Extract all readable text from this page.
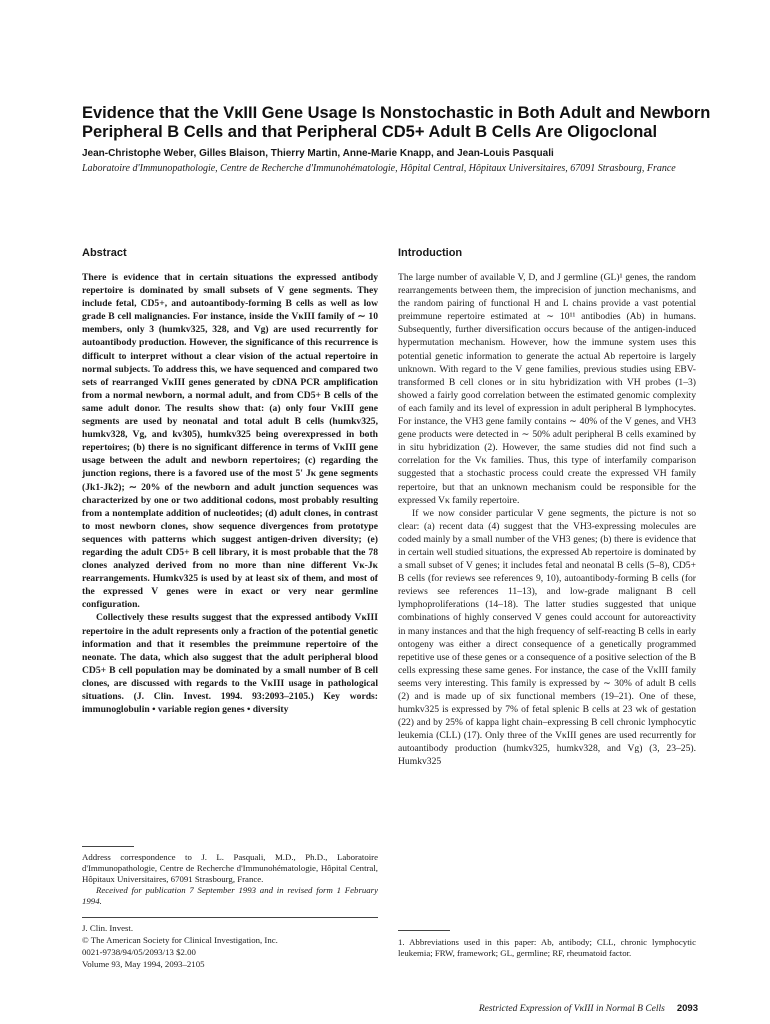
Evidence that the VκIII Gene Usage Is Nonstochastic in Both Adult and Newborn Peripheral B Cells and that Peripheral CD5+ Adult B Cells Are Oligoclonal
Jean-Christophe Weber, Gilles Blaison, Thierry Martin, Anne-Marie Knapp, and Jean-Louis Pasquali
Laboratoire d'Immunopathologie, Centre de Recherche d'Immunohématologie, Hôpital Central, Hôpitaux Universitaires, 67091 Strasbourg, France
Abstract

There is evidence that in certain situations the expressed antibody repertoire is dominated by small subsets of V gene segments. They include fetal, CD5+, and autoantibody-forming B cells as well as low grade B cell malignancies. For instance, inside the VκIII family of ∼ 10 members, only 3 (humkv325, 328, and Vg) are used recurrently for autoantibody production. However, the significance of this recurrence is difficult to interpret without a clear vision of the actual repertoire in normal subjects. To address this, we have sequenced and compared two sets of rearranged VκIII genes generated by cDNA PCR amplification from a normal newborn, a normal adult, and from CD5+ B cells of the same adult donor. The results show that: (a) only four VκIII gene segments are used by neonatal and total adult B cells (humkv325, humkv328, Vg, and kv305), humkv325 being overexpressed in both repertoires; (b) there is no significant difference in terms of VκIII gene usage between the adult and newborn repertoires; (c) regarding the junction regions, there is a favored use of the most 5' Jκ gene segments (Jk1-Jk2); ∼ 20% of the newborn and adult junction sequences was characterized by one or two additional codons, most probably resulting from a nontemplate addition of nucleotides; (d) adult clones, in contrast to most newborn clones, show sequence divergences from prototype sequences with patterns which suggest antigen-driven diversity; (e) regarding the adult CD5+ B cell library, it is most probable that the 78 clones analyzed derived from no more than nine different Vκ-Jκ rearrangements. Humkv325 is used by at least six of them, and most of the expressed V genes were in exact or very near germline configuration.

Collectively these results suggest that the expressed antibody VκIII repertoire in the adult represents only a fraction of the potential genetic information and that it resembles the preimmune repertoire of the neonate. The data, which also suggest that the adult peripheral blood CD5+ B cell population may be dominated by a small number of B cell clones, are discussed with regards to the VκIII usage in pathological situations. (J. Clin. Invest. 1994. 93:2093–2105.) Key words: immunoglobulin • variable region genes • diversity

Address correspondence to J. L. Pasquali, M.D., Ph.D., Laboratoire d'Immunopathologie, Centre de Recherche d'Immunohématologie, Hôpital Central, Hôpitaux Universitaires, 67091 Strasbourg, France.
Received for publication 7 September 1993 and in revised form 1 February 1994.
J. Clin. Invest.
© The American Society for Clinical Investigation, Inc.
0021-9738/94/05/2093/13 $2.00
Volume 93, May 1994, 2093–2105
Introduction

The large number of available V, D, and J germline (GL)¹ genes, the random rearrangements between them, the imprecision of junction mechanisms, and the random pairing of functional H and L chains provide a vast potential preimmune repertoire estimated at ∼ 10¹¹ antibodies (Ab) in humans. Subsequently, further diversification occurs because of the antigen-induced hypermutation mechanism. However, how the immune system uses this potential genetic information to generate the actual Ab repertoire is largely unknown. With regard to the V gene families, previous studies using EBV-transformed B cell clones or in situ hybridization with VH probes (1–3) showed a fairly good correlation between the estimated genomic complexity of each family and its level of expression in adult peripheral B lymphocytes. For instance, the VH3 gene family contains ∼ 40% of the V genes, and VH3 gene products were detected in ∼ 50% adult peripheral B cells examined by in situ hybridization (2). However, the same studies did not find such a correlation for the Vκ families. Thus, this type of interfamily comparison suggested that a stochastic process could create the expressed VH family repertoire, but that an unknown mechanism could be responsible for the expressed Vκ family repertoire.

If we now consider particular V gene segments, the picture is not so clear: (a) recent data (4) suggest that the VH3-expressing molecules are coded mainly by a small number of the VH3 genes; (b) there is evidence that in certain well studied situations, the expressed Ab repertoire is dominated by a small subset of V genes; it includes fetal and neonatal B cells (5–8), CD5+ B cells (for reviews see references 9, 10), autoantibody-forming B cells (for reviews see references 11–13), and low-grade malignant B cell lymphoproliferations (14–18). The latter studies suggested that unique combinations of highly conserved V genes could account for autoreactivity in many instances and that the high frequency of self-reacting B cells in early ontogeny was either a direct consequence of a genetically programmed repetitive use of these genes or a consequence of a positive selection of the B cells expressing these same genes. For instance, the case of the VκIII family seems very interesting. This family is expressed by ∼ 30% of adult B cells (2) and is made up of six functional members (19–21). One of these, humkv325 is expressed by 7% of fetal splenic B cells at 23 wk of gestation (22) and by 25% of kappa light chain–expressing B cell chronic lymphocytic leukemia (CLL) (17). Only three of the VκIII genes are used recurrently for autoantibody production (humkv325, humkv328, and Vg) (3, 23–25). Humkv325

1. Abbreviations used in this paper: Ab, antibody; CLL, chronic lymphocytic leukemia; FRW, framework; GL, germline; RF, rheumatoid factor.
Restricted Expression of VκIII in Normal B Cells 2093
